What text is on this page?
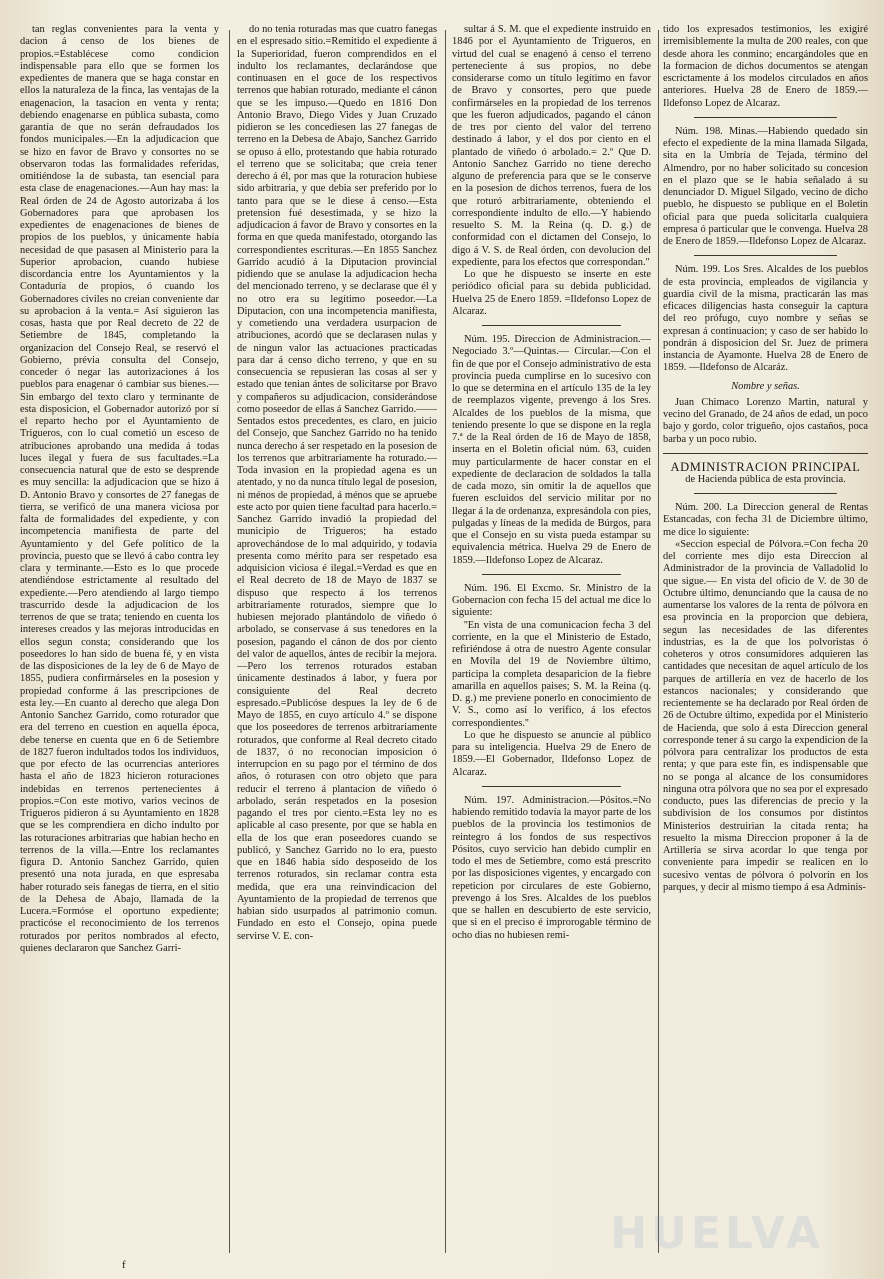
tan reglas convenientes para la venta y dacion á censo de los bienes de propios.=Establécese como condicion indispensable para ello que se formen los expedientes de manera que se haga constar en ellos la naturaleza de la finca, las ventajas de la enagenacion, la tasacion en venta y renta; debiendo enagenarse en pública subasta, como garantía de que no serán defraudados los fondos municipales.—En la adjudicacion que se hizo en favor de Bravo y consortes no se observaron todas las formalidades referidas, omitiéndose la de subasta, tan esencial para esta clase de enagenaciones.—Aun hay mas: la Real órden de 24 de Agosto autorizaba á los Gobernadores para que aprobasen los expedientes de enagenaciones de bienes de propios de los pueblos, y únicamente había necesidad de que pasasen al Ministerio para la Superior aprobacion, cuando hubiese discordancia entre los Ayuntamientos y la Contaduría de propios, ó cuando los Gobernadores civiles no creian conveniente dar su aprobacion á la venta.= Así siguieron las cosas, hasta que por Real decreto de 22 de Setiembre de 1845, completando la organizacion del Consejo Real, se reservó el Gobierno, prévia consulta del Consejo, conceder ó negar las autorizaciones á los pueblos para enagenar ó cambiar sus bienes.—Sin embargo del texto claro y terminante de esta disposicion, el Gobernador autorizó por sí el reparto hecho por el Ayuntamiento de Trigueros, con lo cual cometió un esceso de atribuciones aprobando una medida á todas luces ilegal y fuera de sus facultades.=La consecuencia natural que de esto se desprende es muy sencilla: la adjudicacion que se hizo á D. Antonio Bravo y consortes de 27 fanegas de tierra, se verificó de una manera viciosa por falta de formalidades del expediente, y con incompetencia manifiesta de parte del Ayuntamiento y del Gefe político de la provincia, puesto que se llevó á cabo contra ley clara y terminante.—Esto es lo que procede atendiéndose estrictamente al resultado del expediente.—Pero atendiendo al largo tiempo trascurrido desde la adjudicacion de los terrenos de que se trata; teniendo en cuenta los intereses creados y las mejoras introducidas en ellos segun consta; considerando que los poseedores lo han sido de buena fé, y en vista de las disposiciones de la ley de 6 de Mayo de 1855, pudiera confirmárseles en la posesion y propiedad conforme á las prescripciones de esta ley.—En cuanto al derecho que alega Don Antonio Sanchez Garrido, como roturador que era del terreno en cuestion en aquella época, debe tenerse en cuenta que en 6 de Setiembre de 1827 fueron indultados todos los individuos, que por efecto de las ocurrencias anteriores hasta el año de 1823 hicieron roturaciones indebidas en terrenos pertenecientes á propios.=Con este motivo, varios vecinos de Trigueros pidieron á su Ayuntamiento en 1828 que se les comprendiera en dicho indulto por las roturaciones arbitrarias que habian hecho en terrenos de la villa.—Entre los reclamantes figura D. Antonio Sanchez Garrido, quien presentó una nota jurada, en que espresaba haber roturado seis fanegas de tierra, en el sitio de la Dehesa de Abajo, llamada de la Lucera.=Formóse el oportuno expediente; practicóse el reconocimiento de los terrenos roturados por peritos nombrados al efecto, quienes declararon que Sanchez Garri-

do no tenia roturadas mas que cuatro fanegas en el espresado sitio.=Remitido el expediente á la Superioridad, fueron comprendidos en el indulto los reclamantes, declarándose que continuasen en el goce de los respectivos terrenos que habian roturado, mediante el cánon que se les impuso.—Quedo en 1816 Don Antonio Bravo, Diego Vides y Juan Cruzado pidieron se les concediesen las 27 fanegas de terreno en la Debesa de Abajo, Sanchez Garrido se opuso á ello, protestando que habia roturado el terreno que se solicitaba; que creia tener derecho á él, por mas que la roturacion hubiese sido arbitraria, y que debia ser preferido por lo tanto para que se le diese á censo.—Esta pretension fué desestimada, y se hizo la adjudicacion á favor de Bravo y consortes en la forma en que queda manifestado, otorgando las correspondientes escrituras.—En 1855 Sanchez Garrido acudió á la Diputacion provincial pidiendo que se anulase la adjudicacion hecha del mencionado terreno, y se declarase que él y no otro era su legítimo poseedor.—La Diputacion, con una incompetencia manifiesta, y cometiendo una verdadera usurpacion de atribuciones, acordó que se declarasen nulas y de ningun valor las actuaciones practicadas para dar á censo dicho terreno, y que en su consecuencia se repusieran las cosas al ser y estado que tenian ántes de solicitarse por Bravo y compañeros su adjudicacion, considerándose como poseedor de ellas á Sanchez Garrido.——Sentados estos precedentes, es claro, en juicio del Consejo, que Sanchez Garrido no ha tenido nunca derecho á ser respetado en la posesion de los terrenos que arbitrariamente ha roturado.—Toda invasion en la propiedad agena es un atentado, y no da nunca título legal de posesion, ni ménos de propiedad, á ménos que se apruebe este acto por quien tiene facultad para hacerlo.= Sanchez Garrido invadió la propiedad del municipio de Trigueros; ha estado aprovechándose de lo mal adquirido, y todavia presenta como mérito para ser respetado esa adquisicion viciosa é ilegal.=Verdad es que en el Real decreto de 18 de Mayo de 1837 se dispuso que respecto á los terrenos arbitrariamente roturados, siempre que lo hubiesen mejorado plantándolo de viñedo ó arbolado, se conservase á sus tenedores en la posesion, pagando el cánon de dos por ciento del valor de aquellos, ántes de recibir la mejora.—Pero los terrenos roturados estaban únicamente destinados á labor, y fuera por consiguiente del Real decreto espresado.=Publicóse despues la ley de 6 de Mayo de 1855, en cuyo artículo 4.º se dispone que los poseedores de terrenos arbitrariamente roturados, que conforme al Real decreto citado de 1837, ó no reconocian imposicion ó interrupcion en su pago por el término de dos años, ó roturasen con otro objeto que para reducir el terreno á plantacion de viñedo ó arbolado, serán respetados en la posesion pagando el tres por ciento.=Esta ley no es aplicable al caso presente, por que se habla en ella de los que eran poseedores cuando se publicó, y Sanchez Garrido no lo era, puesto que en 1846 habia sido desposeido de los terrenos roturados, sin reclamar contra esta medida, que era una reinvindicacion del Ayuntamiento de la propiedad de terrenos que habian sido usurpados al patrimonio comun. Fundado en esto el Consejo, opina puede servirse V. E. con-

sultar á S. M. que el expediente instruido en 1846 por el Ayuntamiento de Trigueros, en virtud del cual se enagenó á censo el terreno perteneciente á sus propios, no debe considerarse como un título legítimo en favor de Bravo y consortes, pero que puede confirmárseles en la propiedad de los terrenos que les fueron adjudicados, pagando el cánon de tres por ciento del valor del terreno destinado á labor, y el dos por ciento en el plantado de viñedo ó arbolado.= 2.º Que D. Antonio Sanchez Garrido no tiene derecho alguno de preferencia para que se le conserve en la posesion de dichos terrenos, fuera de los que roturó arbitrariamente, obteniendo el correspondiente indulto de ello.—Y habiendo resuelto S. M. la Reina (q. D. g.) de conformidad con el dictamen del Consejo, lo digo á V. S. de Real órden, con devolucion del expediente, para los efectos que correspondan.''

Lo que he dispuesto se inserte en este periódico oficial para su debida publicidad. Huelva 25 de Enero 1859. =Ildefonso Lopez de Alcaraz.

Núm. 195. Direccion de Administracion.—Negociado 3.º—Quintas.— Circular.—Con el fin de que por el Consejo administrativo de esta provincia pueda cumplirse en lo sucesivo con lo que se determina en el artículo 135 de la ley de reemplazos vigente, prevengo á los Sres. Alcaldes de los pueblos de la misma, que teniendo presente lo que se dispone en la regla 7.ª de la Real órden de 16 de Mayo de 1858, inserta en el Boletin oficial núm. 63, cuiden muy particularmente de hacer constar en el expediente de declaracion de soldados la talla de cada mozo, sin omitir la de aquellos que fueren escluidos del servicio militar por no llegar á la de ordenanza, expresándola con pies, pulgadas y líneas de la medida de Búrgos, para que el Consejo en su vista pueda estampar su equivalencia métrica. Huelva 29 de Enero de 1859.—Ildefonso Lopez de Alcaraz.

Núm. 196. El Excmo. Sr. Ministro de la Gobernacion con fecha 15 del actual me dice lo siguiente:

''En vista de una comunicacion fecha 3 del corriente, en la que el Ministerio de Estado, refiriéndose á otra de nuestro Agente consular en Movila del 19 de Noviembre último, participa la completa desaparicion de la fiebre amarilla en aquellos paises; S. M. la Reina (q. D. g.) me previene ponerlo en conocimiento de V. S., como así lo verifico, á los efectos correspondientes.''

Lo que he dispuesto se anuncie al público para su inteligencia. Huelva 29 de Enero de 1859.—El Gobernador, Ildefonso Lopez de Alcaraz.

Núm. 197. Administracion.—Pósitos.=No habiendo remitido todavía la mayor parte de los pueblos de la provincia los testimonios de reintegro á los fondos de sus respectivos Pósitos, cuyo servicio han debido cumplir en todo el mes de Setiembre, como está prescrito por las disposiciones vigentes, y encargado con repeticion por circulares de este Gobierno, prevengo á los Sres. Alcaldes de los pueblos que se hallen en descubierto de este servicio, que si en el preciso é improrogable término de ocho dias no hubiesen remi-

tido los expresados testimonios, les exigiré irremisiblemente la multa de 200 reales, con que desde ahora les conmino; encargándoles que en la formacion de dichos documentos se atengan escrictamente á los modelos circulados en años anteriores. Huelva 28 de Enero de 1859.—Ildefonso Lopez de Alcaraz.

Núm. 198. Minas.—Habiendo quedado sin efecto el expediente de la mina llamada Silgada, sita en la Umbría de Tejada, término del Almendro, por no haber solicitado su concesion en el plazo que se le habia señalado á su denunciador D. Miguel Silgado, vecino de dicho pueblo, he dispuesto se publique en el Boletin oficial para que pueda solicitarla cualquiera empresa ó particular que le convenga. Huelva 28 de Enero de 1859.—Ildefonso Lopez de Alcaraz.

Núm. 199. Los Sres. Alcaldes de los pueblos de esta provincia, empleados de vigilancia y guardia civil de la misma, practicarán las mas eficaces diligencias hasta conseguir la captura del reo prófugo, cuyo nombre y señas se expresan á continuacion; y caso de ser habido lo pondrán á disposicion del Sr. Juez de primera instancia de Ayamonte. Huelva 28 de Enero de 1859. —Ildefonso de Alcaráz.

Nombre y señas.

Juan Chimaco Lorenzo Martin, natural y vecino del Granado, de 24 años de edad, un poco bajo y gordo, color trigueño, ojos castaños, poca barba y un poco rubio.

ADMINISTRACION PRINCIPAL

de Hacienda pública de esta provincia.

Núm. 200. La Direccion general de Rentas Estancadas, con fecha 31 de Diciembre último, me dice lo siguiente:

«Seccion especial de Pólvora.=Con fecha 20 del corriente mes dijo esta Direccion al Administrador de la provincia de Valladolid lo que sigue.— En vista del oficio de V. de 30 de Octubre último, denunciando que la causa de no aumentarse los valores de la renta de pólvora en esa provincia en la proporcion que debiera, segun las necesidades de las diferentes industrias, es la de que los polvoristas ó coheteros y otros consumidores adquieren las cantidades que necesitan de aquel artículo de los parques de artillería en vez de hacerlo de los estancos nacionales; y considerando que recientemente se ha declarado por Real órden de 26 de Octubre último, expedida por el Ministerio de Hacienda, que solo á esta Direccion general corresponde tener á su cargo la expendicion de la pólvora para centralizar los productos de esta renta; y que para este fin, es indispensable que no se ponga al alcance de los consumidores ninguna otra pólvora que no sea por el expresado conducto, pues las diferencias de precio y la subdivision de los consumos por distintos Ministerios destruirian la citada renta; ha resuelto la misma Direccion proponer á la de Artillería se sirva acordar lo que tenga por conveniente para impedir se realicen en lo sucesivo ventas de pólvora ó polvorín en los parques, y decir al mismo tiempo á esa Adminis-

f
HUELVA
